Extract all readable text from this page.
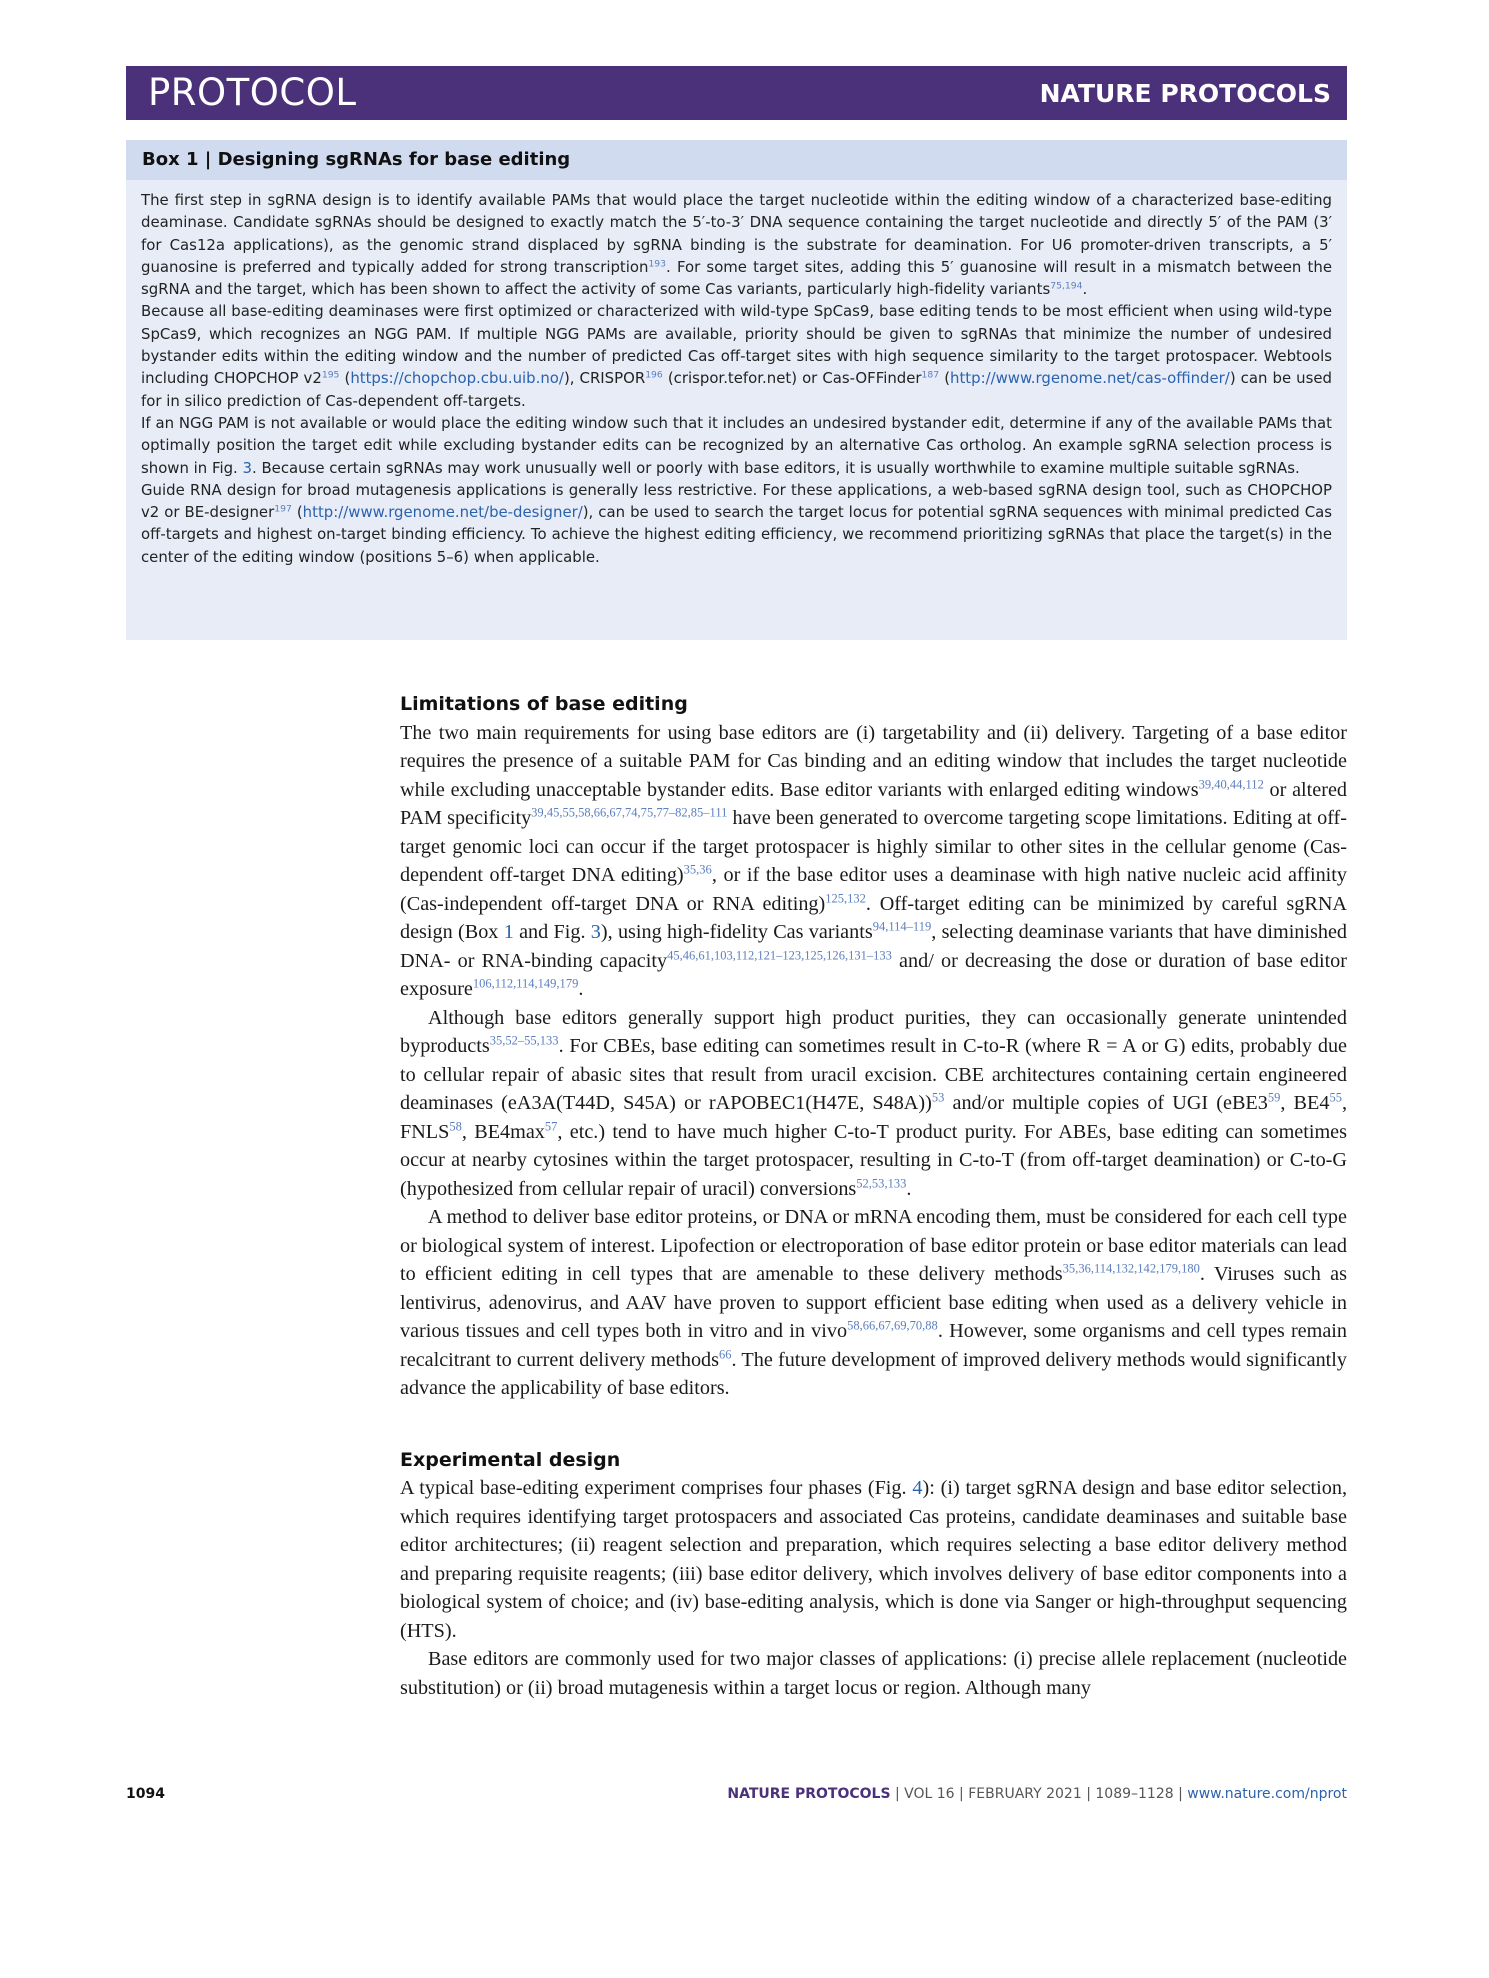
PROTOCOL	NATURE PROTOCOLS
Box 1 | Designing sgRNAs for base editing

The first step in sgRNA design is to identify available PAMs that would place the target nucleotide within the editing window of a characterized base-editing deaminase. Candidate sgRNAs should be designed to exactly match the 5′-to-3′ DNA sequence containing the target nucleotide and directly 5′ of the PAM (3′ for Cas12a applications), as the genomic strand displaced by sgRNA binding is the substrate for deamination. For U6 promoter-driven transcripts, a 5′ guanosine is preferred and typically added for strong transcription$^{193}$. For some target sites, adding this 5′ guanosine will result in a mismatch between the sgRNA and the target, which has been shown to affect the activity of some Cas variants, particularly high-fidelity variants$^{75,194}$.

Because all base-editing deaminases were first optimized or characterized with wild-type SpCas9, base editing tends to be most efficient when using wild-type SpCas9, which recognizes an NGG PAM. If multiple NGG PAMs are available, priority should be given to sgRNAs that minimize the number of undesired bystander edits within the editing window and the number of predicted Cas off-target sites with high sequence similarity to the target protospacer. Webtools including CHOPCHOP $v2^{195}$ (https://chopchop.cbu.uib.no/), CRISPOR$^{196}$ (crispor.tefor.net) or Cas-OFFinder$^{187}$ (http://www.rgenome.net/cas-offinder/) can be used for in silico prediction of Cas-dependent off-targets.

If an NGG PAM is not available or would place the editing window such that it includes an undesired bystander edit, determine if any of the available PAMs that optimally position the target edit while excluding bystander edits can be recognized by an alternative Cas ortholog. An example sgRNA selection process is shown in Fig. 3. Because certain sgRNAs may work unusually well or poorly with base editors, it is usually worthwhile to examine multiple suitable sgRNAs.

Guide RNA design for broad mutagenesis applications is generally less restrictive. For these applications, a web-based sgRNA design tool, such as CHOPCHOP v2 or BE-designer$^{197}$ (http://www.rgenome.net/be-designer/), can be used to search the target locus for potential sgRNA sequences with minimal predicted Cas off-targets and highest on-target binding efficiency. To achieve the highest editing efficiency, we recommend prioritizing sgRNAs that place the target(s) in the center of the editing window (positions 5–6) when applicable.

Limitations of base editing

The two main requirements for using base editors are (i) targetability and (ii) delivery. Targeting of a base editor requires the presence of a suitable PAM for Cas binding and an editing window that includes the target nucleotide while excluding unacceptable bystander edits. Base editor variants with enlarged editing windows$^{39,40,44,112}$ or altered PAM specificity$^{39,45,55,58,66,67,74,75,77-82,85-111}$ have been generated to overcome targeting scope limitations. Editing at off-target genomic loci can occur if the target protospacer is highly similar to other sites in the cellular genome (Cas-dependent off-target DNA editing)$^{35,36}$, or if the base editor uses a deaminase with high native nucleic acid affinity (Cas-independent off-target DNA or RNA editing)$^{125,132}$. Off-target editing can be minimized by careful sgRNA design (Box 1 and Fig. 3), using high-fidelity Cas variants$^{94,114-119}$, selecting deaminase variants that have diminished DNA- or RNA-binding capacity$^{45,46,61,103,112,121-123,125,126,131-133}$ and/ or decreasing the dose or duration of base editor exposure$^{106,112,114,149,179}$.

Although base editors generally support high product purities, they can occasionally generate unintended byproducts$^{35,52-55,133}$. For CBEs, base editing can sometimes result in C-to-R (where R = A or G) edits, probably due to cellular repair of abasic sites that result from uracil excision. CBE architectures containing certain engineered deaminases (eA3A(T44D, S45A) or rAPOBEC1(H47E, S48A))$^{53}$ and/or multiple copies of UGI ($eBE3^{59}$, $BE4^{55}$, FNLS$^{58}$, $BE4\max^{57}$, etc.) tend to have much higher C-to-T product purity. For ABEs, base editing can sometimes occur at nearby cytosines within the target protospacer, resulting in C-to-T (from off-target deamination) or C-to-G (hypothesized from cellular repair of uracil) conversions$^{52,53,133}$.

A method to deliver base editor proteins, or DNA or mRNA encoding them, must be considered for each cell type or biological system of interest. Lipofection or electroporation of base editor protein or base editor materials can lead to efficient editing in cell types that are amenable to these delivery methods$^{35,36,114,132,142,179,180}$. Viruses such as lentivirus, adenovirus, and AAV have proven to support efficient base editing when used as a delivery vehicle in various tissues and cell types both in vitro and in vivo$^{58,66,67,69,70,88}$. However, some organisms and cell types remain recalcitrant to current delivery methods$^{66}$. The future development of improved delivery methods would significantly advance the applicability of base editors.

Experimental design

A typical base-editing experiment comprises four phases (Fig. 4): (i) target sgRNA design and base editor selection, which requires identifying target protospacers and associated Cas proteins, candidate deaminases and suitable base editor architectures; (ii) reagent selection and preparation, which requires selecting a base editor delivery method and preparing requisite reagents; (iii) base editor delivery, which involves delivery of base editor components into a biological system of choice; and (iv) base-editing analysis, which is done via Sanger or high-throughput sequencing (HTS).

Base editors are commonly used for two major classes of applications: (i) precise allele replacement (nucleotide substitution) or (ii) broad mutagenesis within a target locus or region. Although many

1094	NATURE PROTOCOLS | VOL 16 | FEBRUARY 2021 | 1089–1128 | www.nature.com/nprot
